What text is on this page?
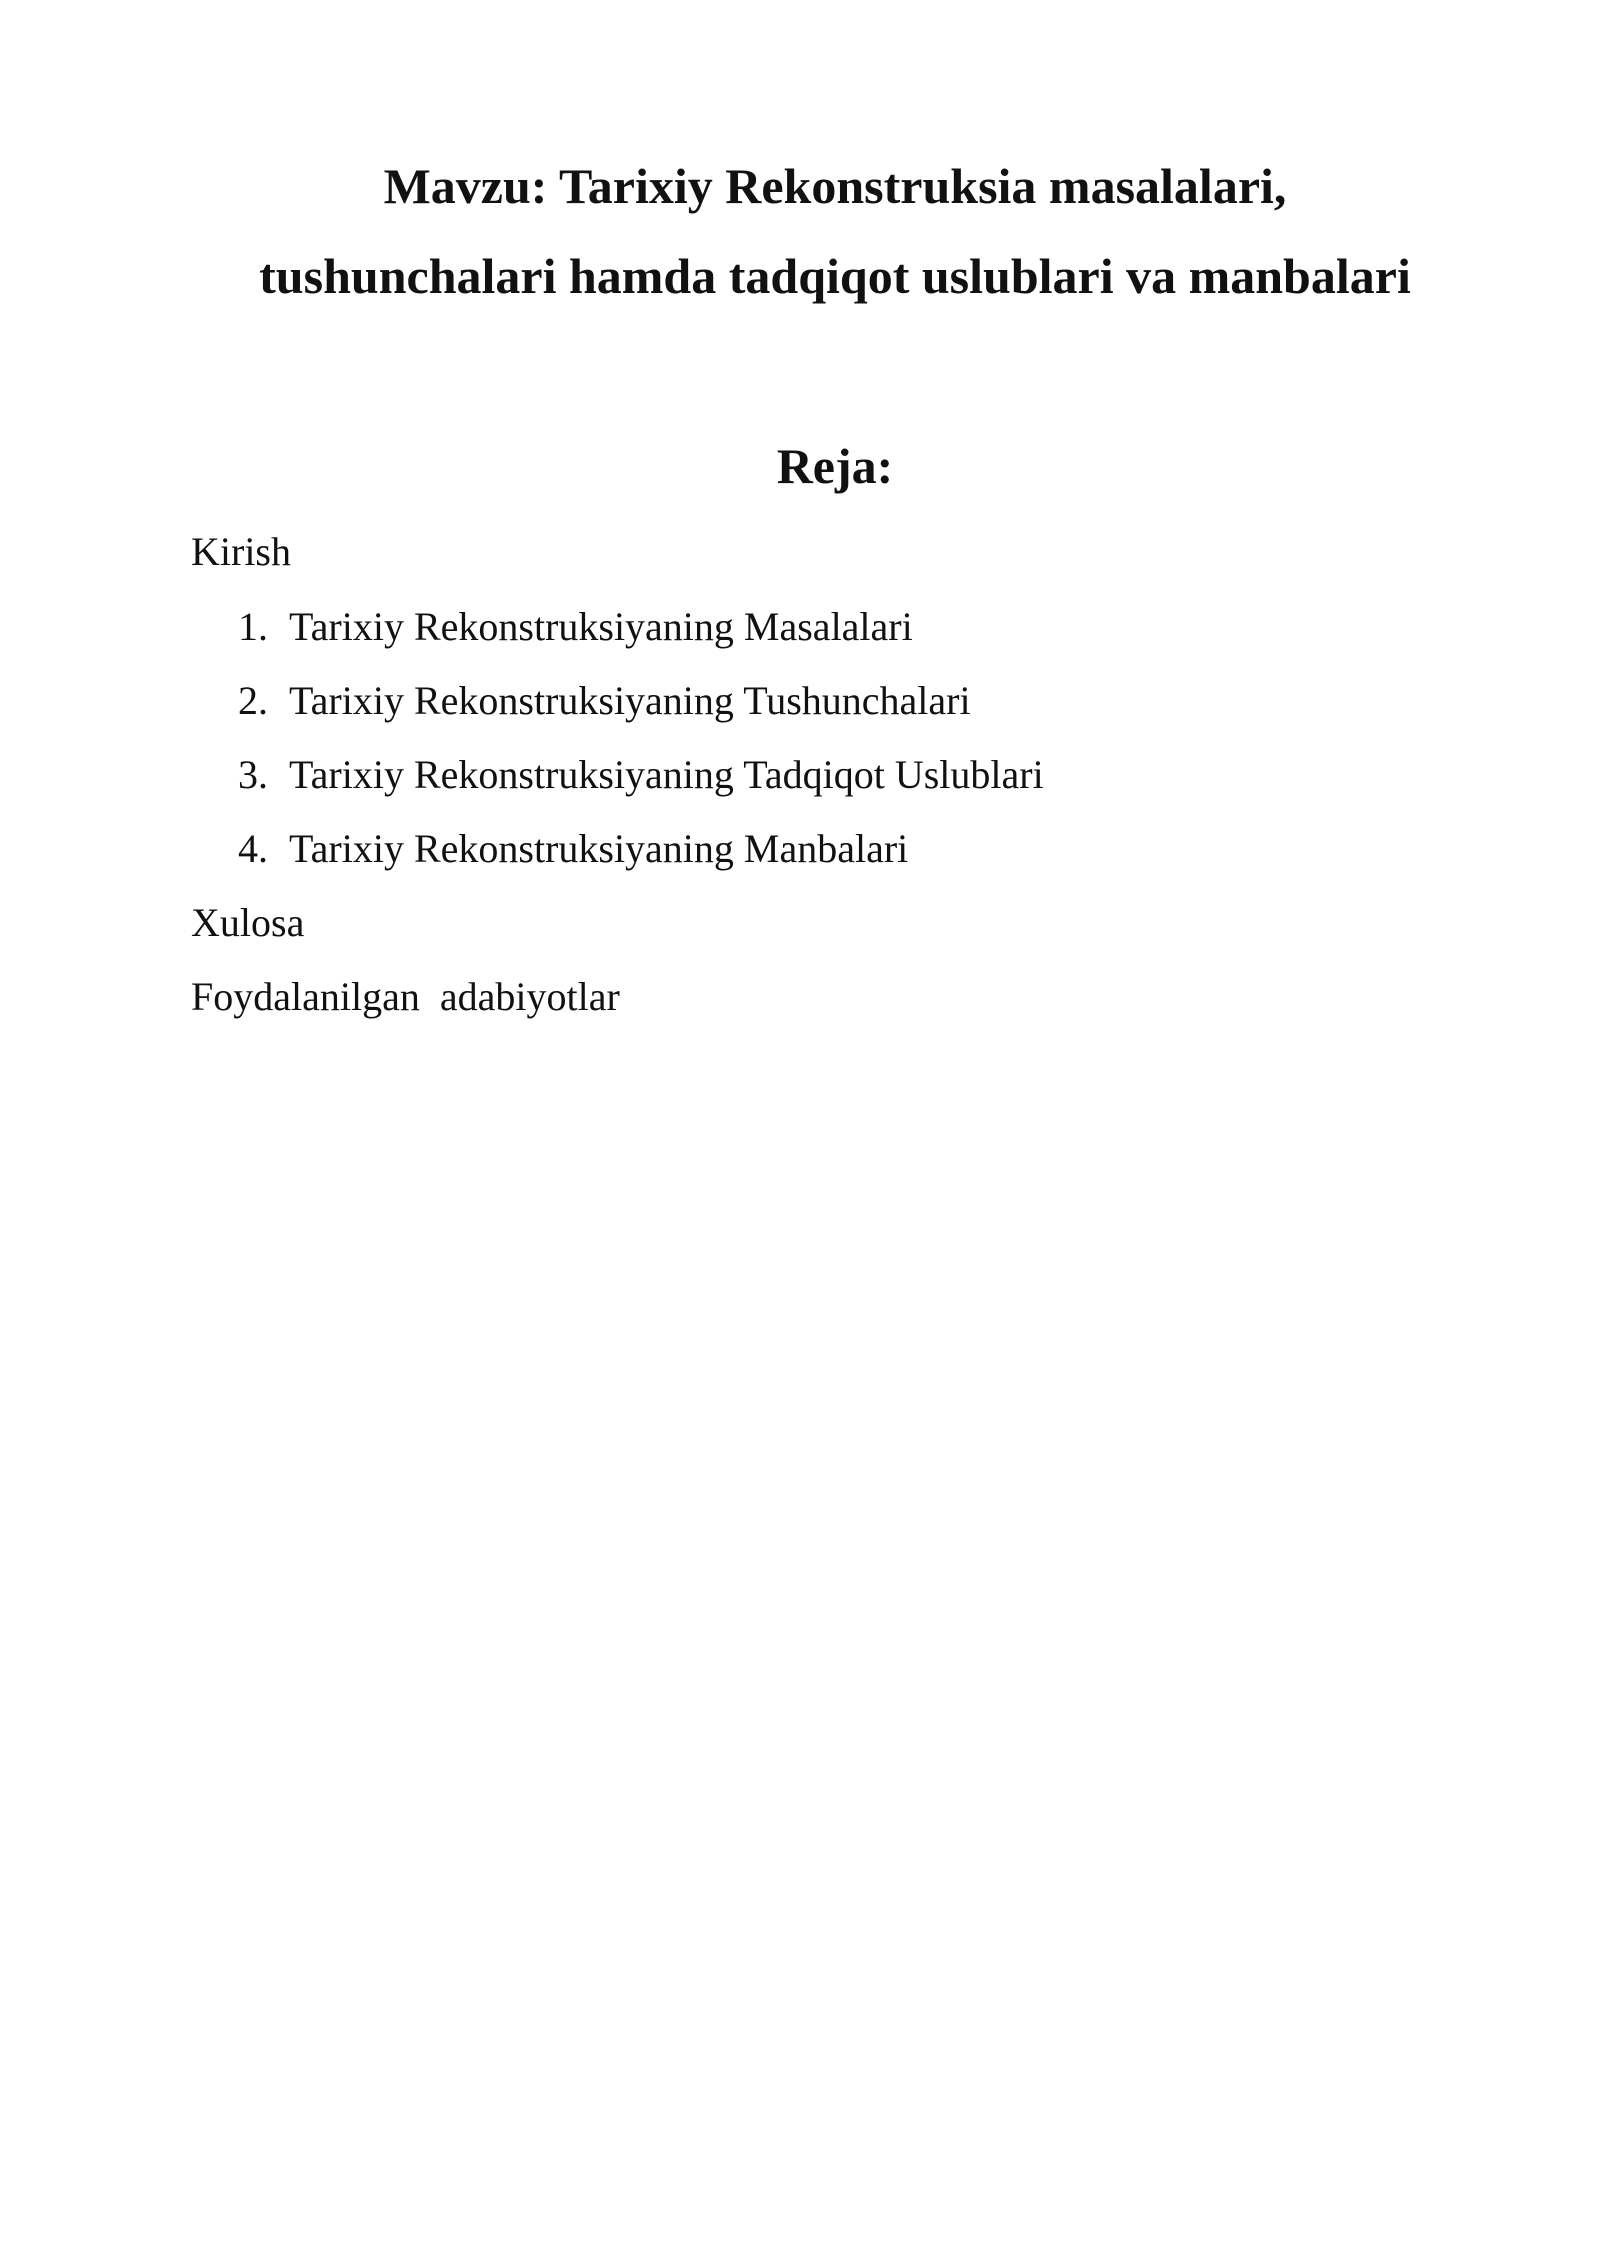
Mavzu: Tarixiy Rekonstruksia masalalari,
tushunchalari hamda tadqiqot uslublari va manbalari
Reja:

Kirish

1. Tarixiy Rekonstruksiyaning Masalalari
2. Tarixiy Rekonstruksiyaning Tushunchalari
3. Tarixiy Rekonstruksiyaning Tadqiqot Uslublari
4. Tarixiy Rekonstruksiyaning Manbalari

Xulosa

Foydalanilgan  adabiyotlar
